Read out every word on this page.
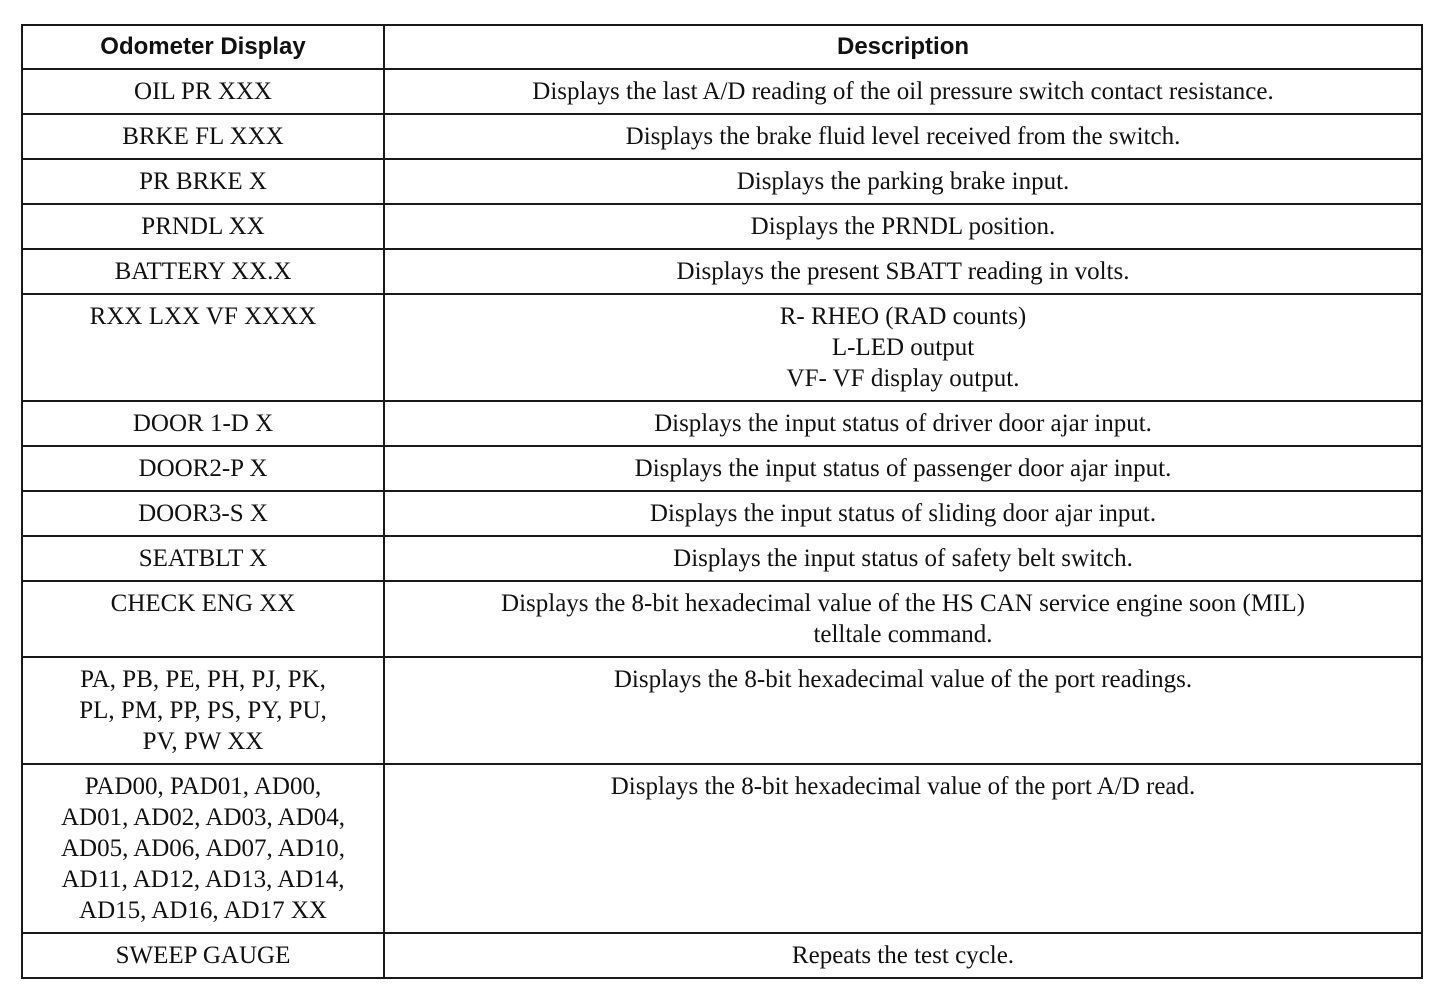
Odometer Display	Description

OIL PR XXX	Displays the last A/D reading of the oil pressure switch contact resistance.

BRKE FL XXX	Displays the brake fluid level received from the switch.

PR BRKE X	Displays the parking brake input.

PRNDL XX	Displays the PRNDL position.

BATTERY XX.X	Displays the present SBATT reading in volts.

RXX LXX VF XXXX	R- RHEO (RAD counts)
L-LED output
VF- VF display output.

DOOR 1-D X	Displays the input status of driver door ajar input.

DOOR2-P X	Displays the input status of passenger door ajar input.

DOOR3-S X	Displays the input status of sliding door ajar input.

SEATBLT X	Displays the input status of safety belt switch.

CHECK ENG XX	Displays the 8-bit hexadecimal value of the HS CAN service engine soon (MIL)
telltale command.

PA, PB, PE, PH, PJ, PK,
PL, PM, PP, PS, PY, PU,
PV, PW XX	Displays the 8-bit hexadecimal value of the port readings.

PAD00, PAD01, AD00,
AD01, AD02, AD03, AD04,
AD05, AD06, AD07, AD10,
AD11, AD12, AD13, AD14,
AD15, AD16, AD17 XX	Displays the 8-bit hexadecimal value of the port A/D read.

SWEEP GAUGE	Repeats the test cycle.
